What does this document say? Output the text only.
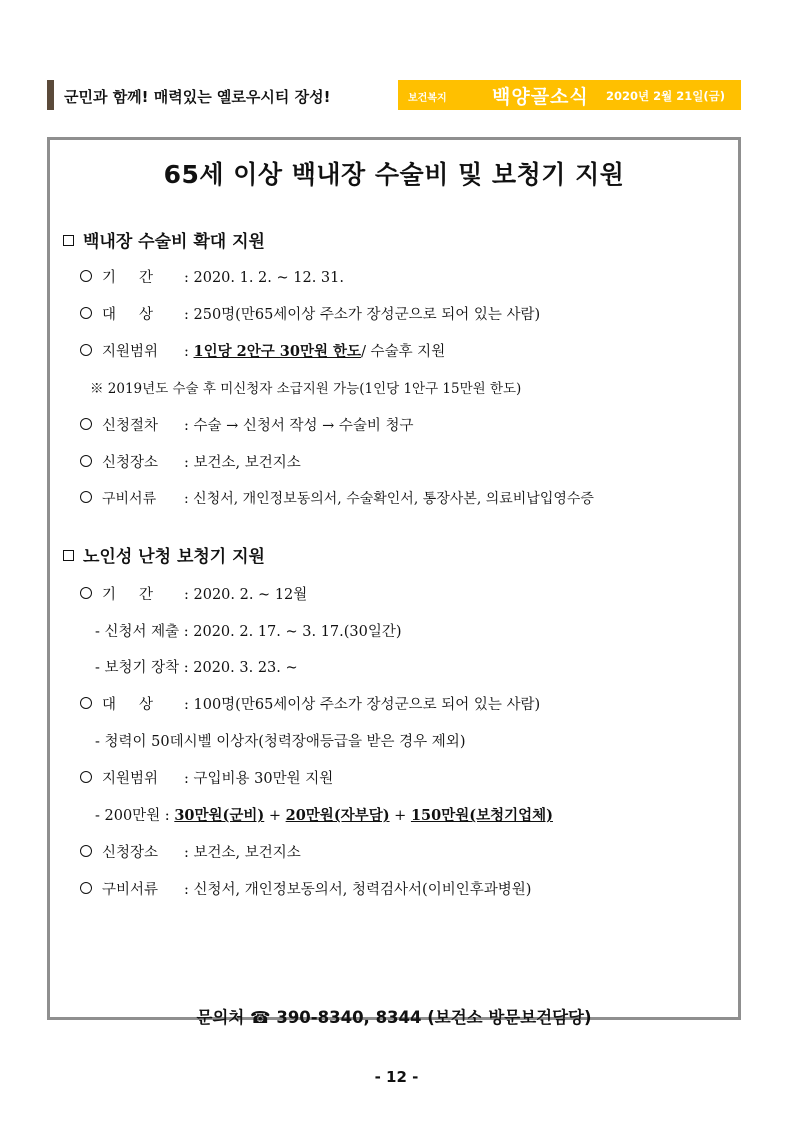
군민과 함께! 매력있는 옐로우시티 장성!	보건복지 백양골소식 2020년 2월 21일(금)
65세 이상 백내장 수술비 및 보청기 지원
백내장 수술비 확대 지원
기     간 : 2020. 1. 2. ~ 12. 31.
대     상 : 250명(만65세이상 주소가 장성군으로 되어 있는 사람)
지원범위 : 1인당 2안구 30만원 한도/ 수술후 지원
※ 2019년도 수술 후 미신청자 소급지원 가능(1인당 1안구 15만원 한도)
신청절차 : 수술 → 신청서 작성 → 수술비 청구
신청장소 : 보건소, 보건지소
구비서류 : 신청서, 개인정보동의서, 수술확인서, 통장사본, 의료비납입영수증
노인성 난청 보청기 지원
기     간 : 2020. 2. ~ 12월
- 신청서 제출 : 2020. 2. 17. ~ 3. 17.(30일간)
- 보청기 장착 : 2020. 3. 23. ~
대     상 : 100명(만65세이상 주소가 장성군으로 되어 있는 사람)
- 청력이 50데시벨 이상자(청력장애등급을 받은 경우 제외)
지원범위 : 구입비용 30만원 지원
- 200만원 : 30만원(군비) + 20만원(자부담) + 150만원(보청기업체)
신청장소 : 보건소, 보건지소
구비서류 : 신청서, 개인정보동의서, 청력검사서(이비인후과병원)
문의처 ☎ 390-8340, 8344 (보건소 방문보건담당)
- 12 -
